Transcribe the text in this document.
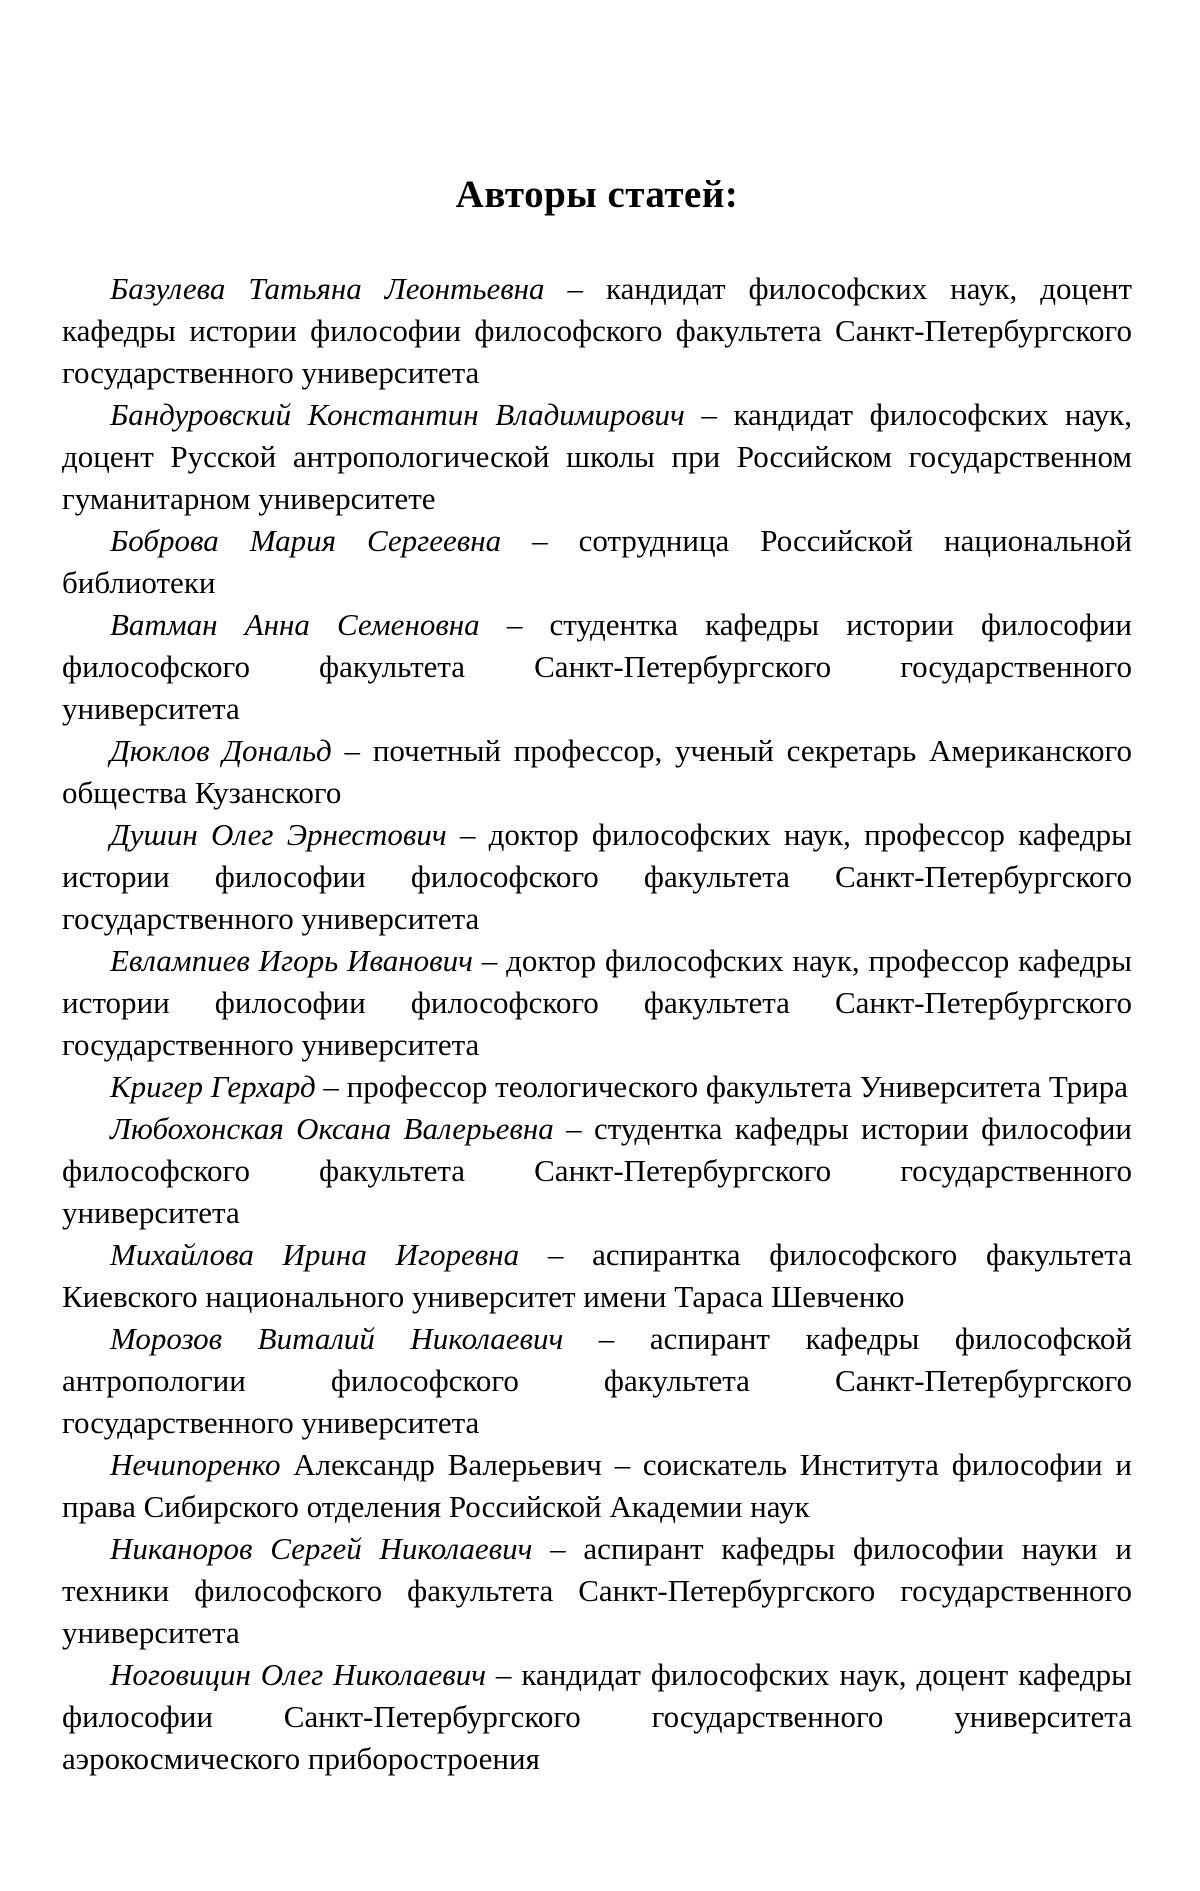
Авторы статей:

Базулева Татьяна Леонтьевна – кандидат философских наук, доцент кафедры истории философии философского факультета Санкт-Петербургского государственного университета

Бандуровский Константин Владимирович – кандидат философских наук, доцент Русской антропологической школы при Российском государственном гуманитарном университете

Боброва Мария Сергеевна – сотрудница Российской национальной библиотеки

Ватман Анна Семеновна – студентка кафедры истории философии философского факультета Санкт-Петербургского государственного университета

Дюклов Дональд – почетный профессор, ученый секретарь Американского общества Кузанского

Душин Олег Эрнестович – доктор философских наук, профессор кафедры истории философии философского факультета Санкт-Петербургского государственного университета

Евлампиев Игорь Иванович – доктор философских наук, профессор кафедры истории философии философского факультета Санкт-Петербургского государственного университета

Кригер Герхард – профессор теологического факультета Университета Трира

Любохонская Оксана Валерьевна – студентка кафедры истории философии философского факультета Санкт-Петербургского государственного университета

Михайлова Ирина Игоревна – аспирантка философского факультета Киевского национального университет имени Тараса Шевченко

Морозов Виталий Николаевич – аспирант кафедры философской антропологии философского факультета Санкт-Петербургского государственного университета

Нечипоренко Александр Валерьевич – соискатель Института философии и права Сибирского отделения Российской Академии наук

Никаноров Сергей Николаевич – аспирант кафедры философии науки и техники философского факультета Санкт-Петербургского государственного университета

Ноговицин Олег Николаевич – кандидат философских наук, доцент кафедры философии Санкт-Петербургского государственного университета аэрокосмического приборостроения
